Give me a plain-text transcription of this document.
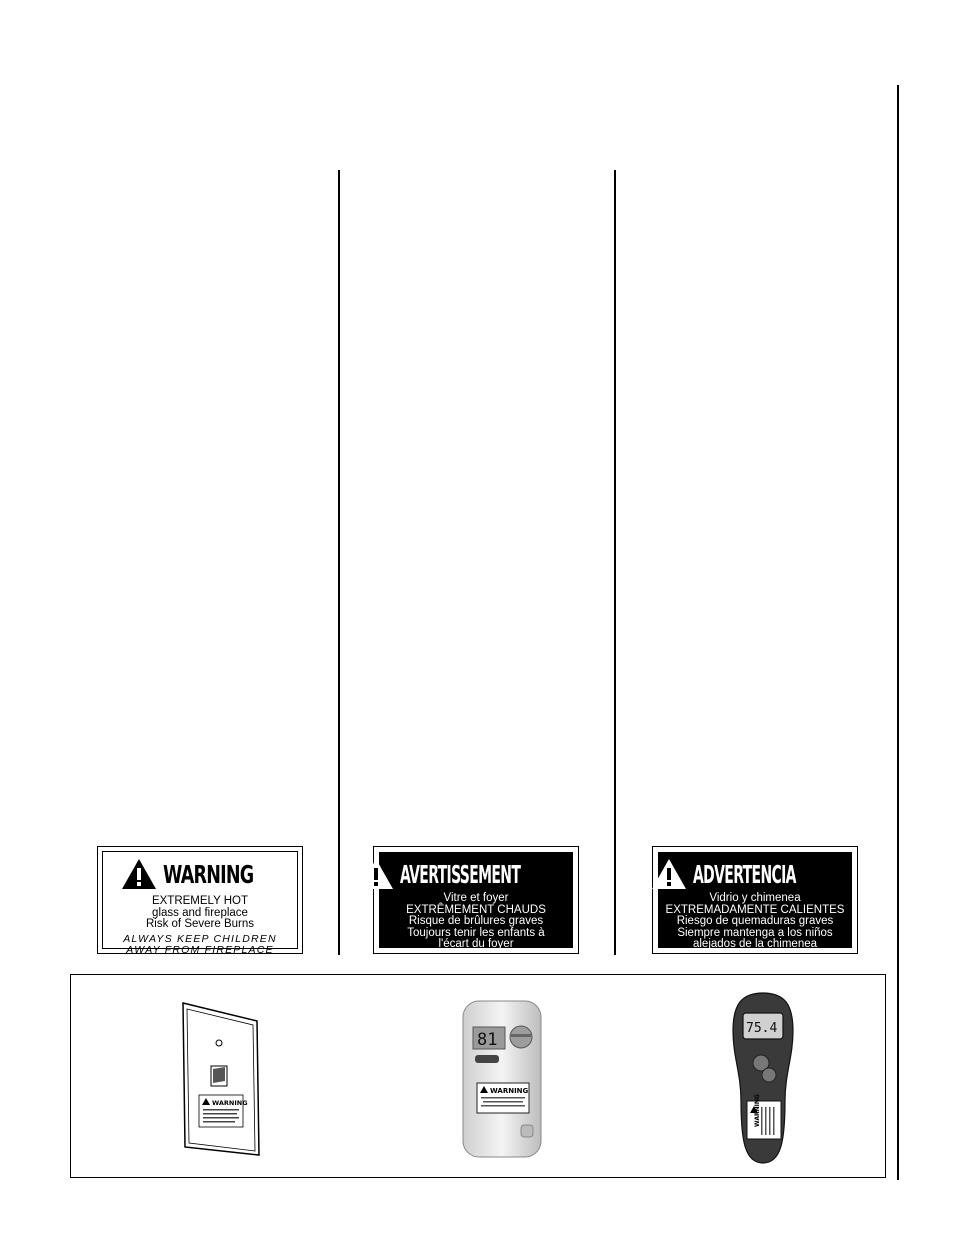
WARNING
EXTREMELY HOT
glass and fireplace
Risk of Severe Burns
ALWAYS KEEP CHILDREN
AWAY FROM FIREPLACE
AVERTISSEMENT
Vitre et foyer
EXTRÊMEMENT CHAUDS
Risque de brûlures graves
Toujours tenir les enfants à
l'écart du foyer
ADVERTENCIA
Vidrio y chimenea
EXTREMADAMENTE CALIENTES
Riesgo de quemaduras graves
Siempre mantenga a los niños
alejados de la chimenea
WARNING
81
WARNING
75.4
WARNING
